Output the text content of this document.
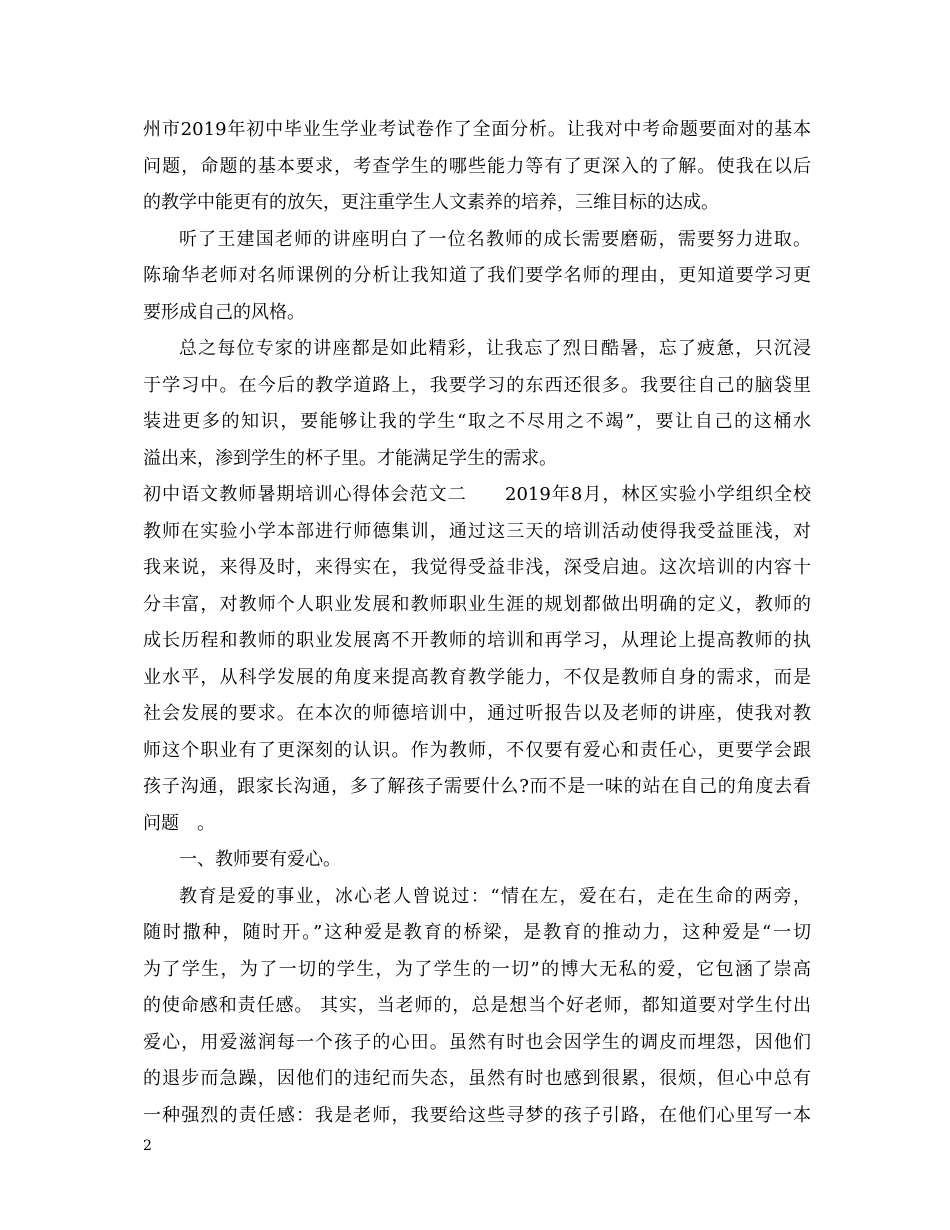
州市2019年初中毕业生学业考试卷作了全面分析。让我对中考命题要面对的基本
问题，命题的基本要求，考查学生的哪些能力等有了更深入的了解。使我在以后
的教学中能更有的放矢，更注重学生人文素养的培养，三维目标的达成。
听了王建国老师的讲座明白了一位名教师的成长需要磨砺，需要努力进取。
陈瑜华老师对名师课例的分析让我知道了我们要学名师的理由，更知道要学习更
要形成自己的风格。
总之每位专家的讲座都是如此精彩，让我忘了烈日酷暑，忘了疲惫，只沉浸
于学习中。在今后的教学道路上，我要学习的东西还很多。我要往自己的脑袋里
装进更多的知识，要能够让我的学生“取之不尽用之不竭”，要让自己的这桶水
溢出来，渗到学生的杯子里。才能满足学生的需求。
初中语文教师暑期培训心得体会范文二　　2019年8月，林区实验小学组织全校
教师在实验小学本部进行师德集训，通过这三天的培训活动使得我受益匪浅，对
我来说，来得及时，来得实在，我觉得受益非浅，深受启迪。这次培训的内容十
分丰富，对教师个人职业发展和教师职业生涯的规划都做出明确的定义，教师的
成长历程和教师的职业发展离不开教师的培训和再学习，从理论上提高教师的执
业水平，从科学发展的角度来提高教育教学能力，不仅是教师自身的需求，而是
社会发展的要求。在本次的师德培训中，通过听报告以及老师的讲座，使我对教
师这个职业有了更深刻的认识。作为教师，不仅要有爱心和责任心，更要学会跟
孩子沟通，跟家长沟通，多了解孩子需要什么?而不是一味的站在自己的角度去看
问题　。
一、教师要有爱心。
教育是爱的事业，冰心老人曾说过：“情在左，爱在右，走在生命的两旁，
随时撒种，随时开。”这种爱是教育的桥梁，是教育的推动力，这种爱是“一切
为了学生，为了一切的学生，为了学生的一切”的博大无私的爱，它包涵了崇高
的使命感和责任感。 其实，当老师的，总是想当个好老师，都知道要对学生付出
爱心，用爱滋润每一个孩子的心田。虽然有时也会因学生的调皮而埋怨，因他们
的退步而急躁，因他们的违纪而失态，虽然有时也感到很累，很烦，但心中总有
一种强烈的责任感：我是老师，我要给这些寻梦的孩子引路，在他们心里写一本
2
